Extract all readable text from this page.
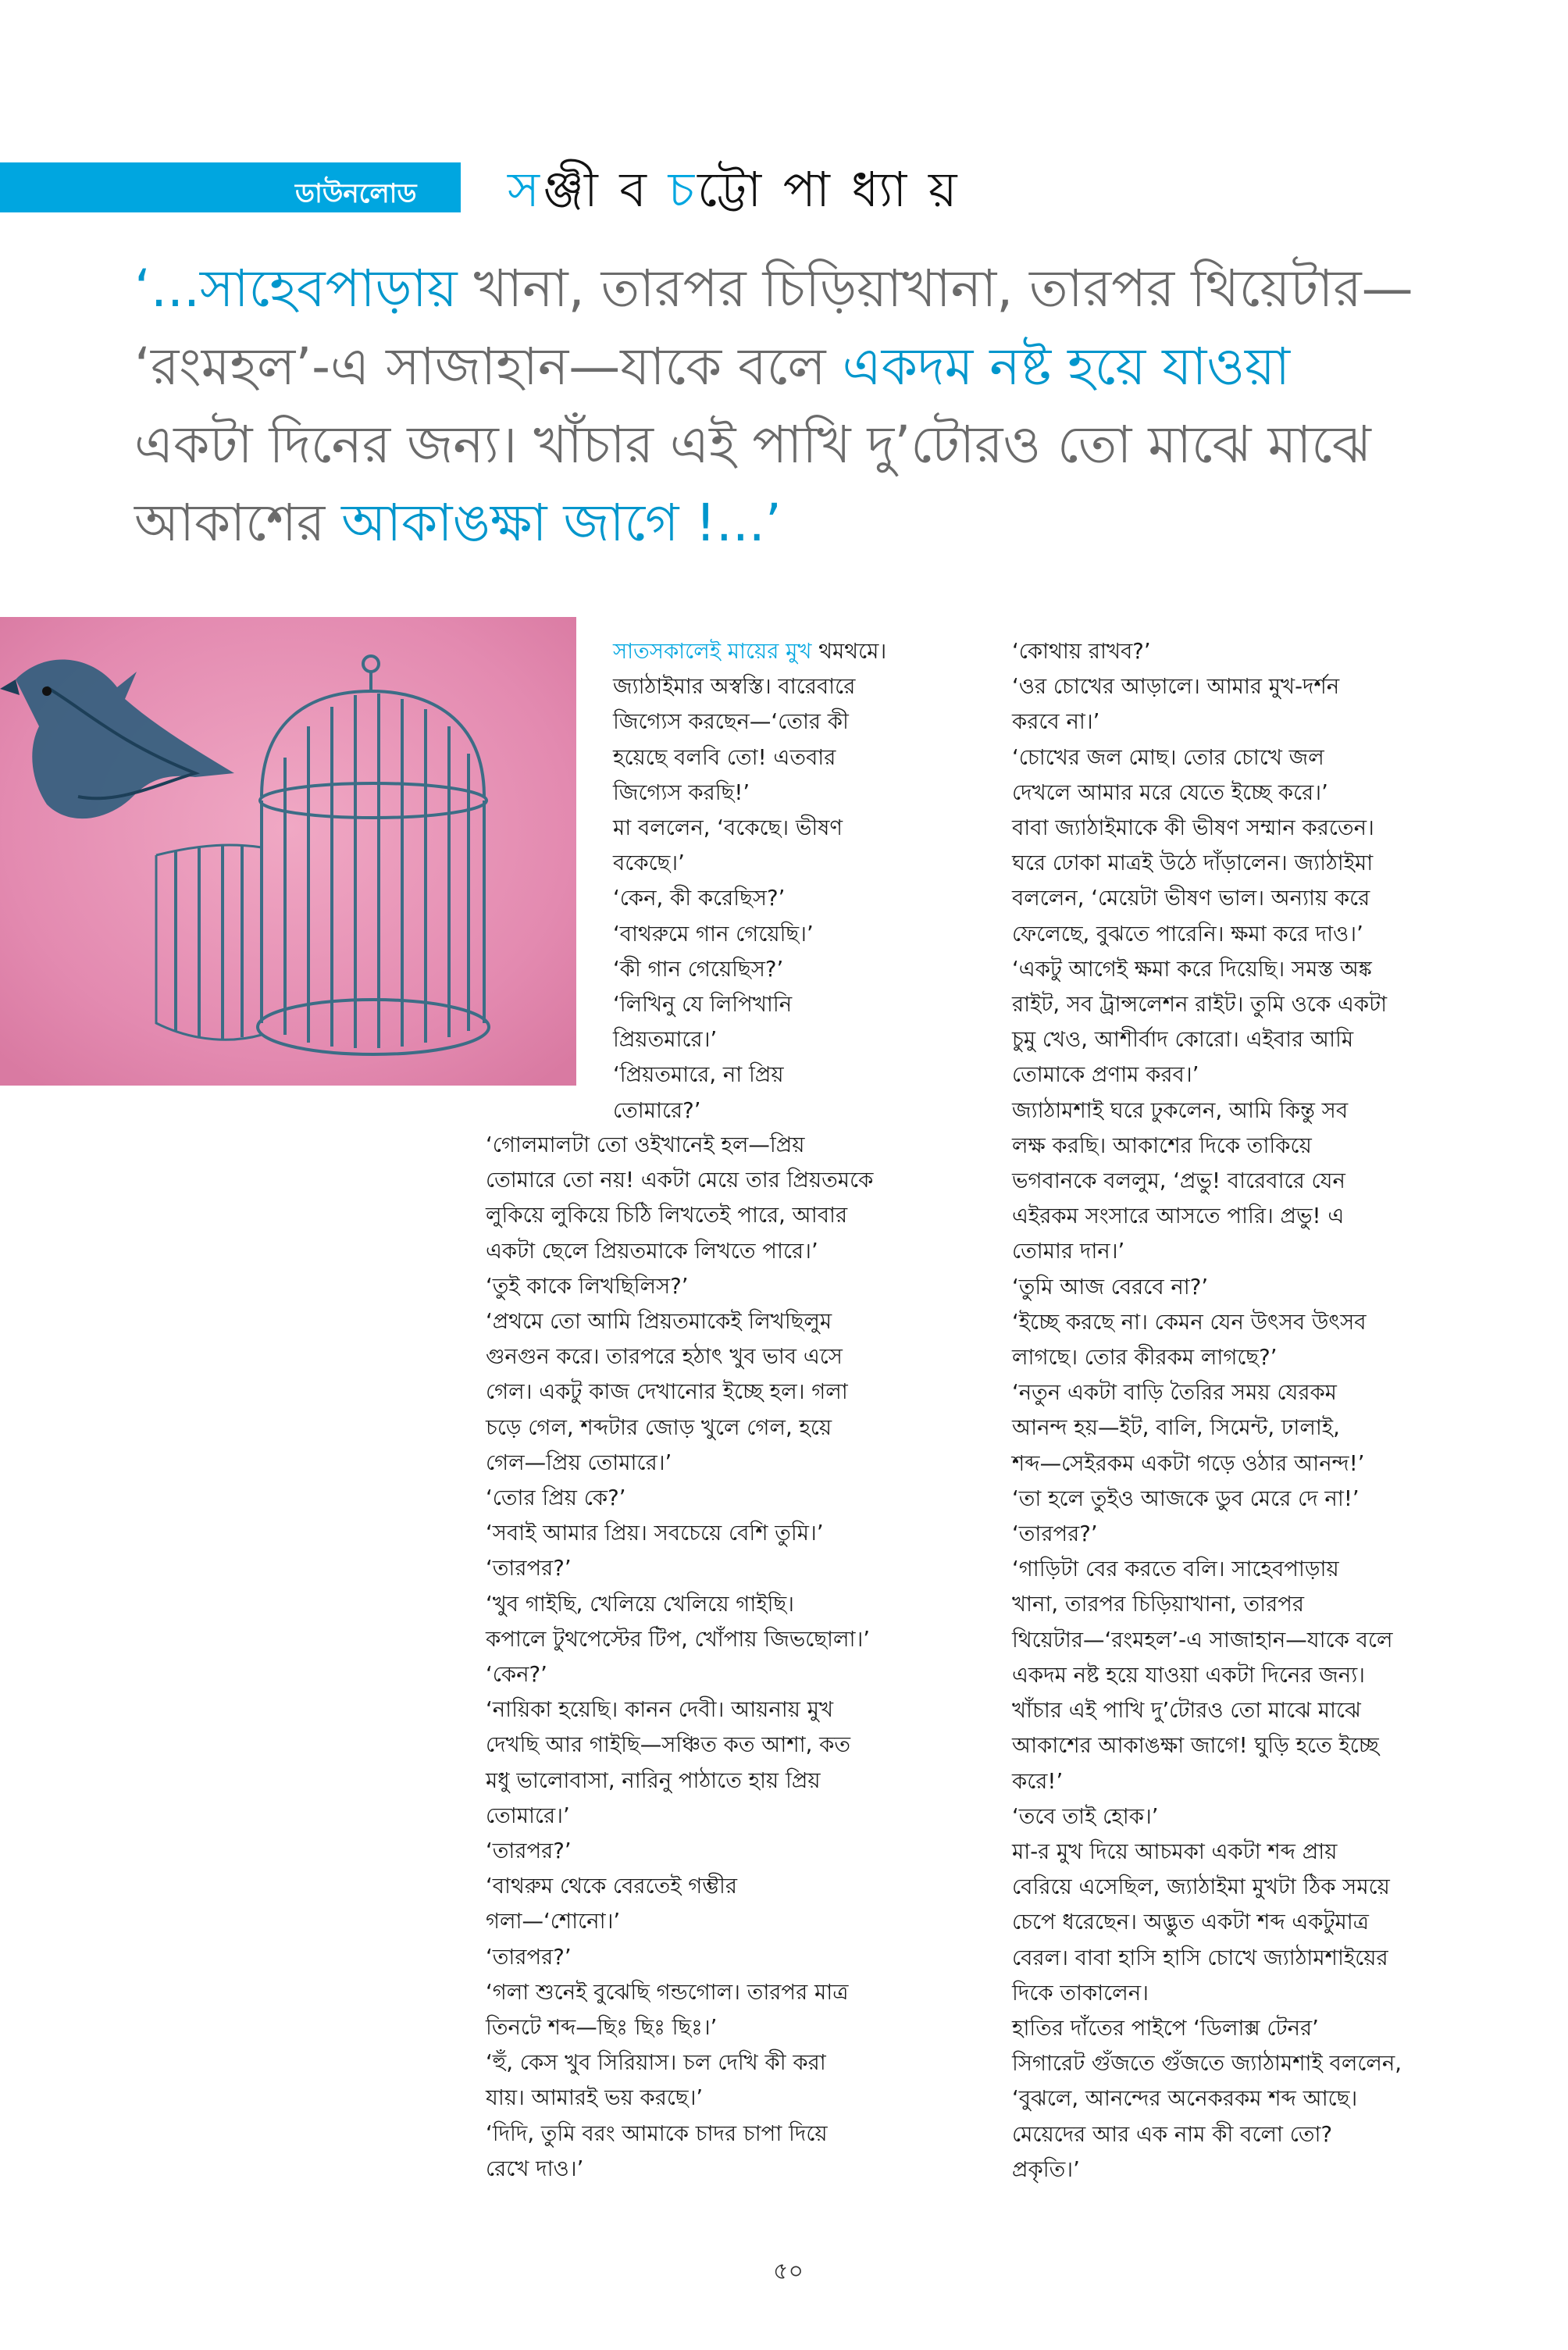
ডাউনলোড সঞ্জী ব চট্টো পা ধ্যা য়

‘...সাহেবপাড়ায় খানা, তারপর চিড়িয়াখানা, তারপর থিয়েটার—

‘রংমহল’-এ সাজাহান—যাকে বলে একদম নষ্ট হয়ে যাওয়া

একটা দিনের জন্য। খাঁচার এই পাখি দু’টোরও তো মাঝে মাঝে

আকাশের আকাঙক্ষা জাগে !...’

সাতসকালেই মায়ের মুখ থমথমে।

জ্যাঠাইমার অস্বস্তি। বারেবারে

জিগ্যেস করছেন—‘তোর কী

হয়েছে বলবি তো! এতবার

জিগ্যেস করছি!’

মা বললেন, ‘বকেছে। ভীষণ

বকেছে।’

‘কেন, কী করেছিস?’

‘বাথরুমে গান গেয়েছি।’

‘কী গান গেয়েছিস?’

‘লিখিনু যে লিপিখানি

প্রিয়তমারে।’

‘প্রিয়তমারে, না প্রিয়

তোমারে?’

‘গোলমালটা তো ওইখানেই হল—প্রিয়

তোমারে তো নয়! একটা মেয়ে তার প্রিয়তমকে

লুকিয়ে লুকিয়ে চিঠি লিখতেই পারে, আবার

একটা ছেলে প্রিয়তমাকে লিখতে পারে।’

‘তুই কাকে লিখছিলিস?’

‘প্রথমে তো আমি প্রিয়তমাকেই লিখছিলুম

গুনগুন করে। তারপরে হঠাৎ খুব ভাব এসে

গেল। একটু কাজ দেখানোর ইচ্ছে হল। গলা

চড়ে গেল, শব্দটার জোড় খুলে গেল, হয়ে

গেল—প্রিয় তোমারে।’

‘তোর প্রিয় কে?’

‘সবাই আমার প্রিয়। সবচেয়ে বেশি তুমি।’

‘তারপর?’

‘খুব গাইছি, খেলিয়ে খেলিয়ে গাইছি।

কপালে টুথপেস্টের টিপ, খোঁপায় জিভছোলা।’

‘কেন?’

‘নায়িকা হয়েছি। কানন দেবী। আয়নায় মুখ

দেখছি আর গাইছি—সঞ্চিত কত আশা, কত

মধু ভালোবাসা, নারিনু পাঠাতে হায় প্রিয়

তোমারে।’

‘তারপর?’

‘বাথরুম থেকে বেরতেই গম্ভীর

গলা—‘শোনো।’

‘তারপর?’

‘গলা শুনেই বুঝেছি গন্ডগোল। তারপর মাত্র

তিনটে শব্দ—ছিঃ ছিঃ ছিঃ।’

‘হুঁ, কেস খুব সিরিয়াস। চল দেখি কী করা

যায়। আমারই ভয় করছে।’

‘দিদি, তুমি বরং আমাকে চাদর চাপা দিয়ে

রেখে দাও।’

‘কোথায় রাখব?’

‘ওর চোখের আড়ালে। আমার মুখ-দর্শন

করবে না।’

‘চোখের জল মোছ। তোর চোখে জল

দেখলে আমার মরে যেতে ইচ্ছে করে।’

বাবা জ্যাঠাইমাকে কী ভীষণ সম্মান করতেন।

ঘরে ঢোকা মাত্রই উঠে দাঁড়ালেন। জ্যাঠাইমা

বললেন, ‘মেয়েটা ভীষণ ভাল। অন্যায় করে

ফেলেছে, বুঝতে পারেনি। ক্ষমা করে দাও।’

‘একটু আগেই ক্ষমা করে দিয়েছি। সমস্ত অঙ্ক

রাইট, সব ট্রান্সলেশন রাইট। তুমি ওকে একটা

চুমু খেও, আশীর্বাদ কোরো। এইবার আমি

তোমাকে প্রণাম করব।’

জ্যাঠামশাই ঘরে ঢুকলেন, আমি কিন্তু সব

লক্ষ করছি। আকাশের দিকে তাকিয়ে

ভগবানকে বললুম, ‘প্রভু! বারেবারে যেন

এইরকম সংসারে আসতে পারি। প্রভু! এ

তোমার দান।’

‘তুমি আজ বেরবে না?’

‘ইচ্ছে করছে না। কেমন যেন উৎসব উৎসব

লাগছে। তোর কীরকম লাগছে?’

‘নতুন একটা বাড়ি তৈরির সময় যেরকম

আনন্দ হয়—ইট, বালি, সিমেন্ট, ঢালাই,

শব্দ—সেইরকম একটা গড়ে ওঠার আনন্দ!’

‘তা হলে তুইও আজকে ডুব মেরে দে না!’

‘তারপর?’

‘গাড়িটা বের করতে বলি। সাহেবপাড়ায়

খানা, তারপর চিড়িয়াখানা, তারপর

থিয়েটার—‘রংমহল’-এ সাজাহান—যাকে বলে

একদম নষ্ট হয়ে যাওয়া একটা দিনের জন্য।

খাঁচার এই পাখি দু’টোরও তো মাঝে মাঝে

আকাশের আকাঙক্ষা জাগে! ঘুড়ি হতে ইচ্ছে

করে!’

‘তবে তাই হোক।’

মা-র মুখ দিয়ে আচমকা একটা শব্দ প্রায়

বেরিয়ে এসেছিল, জ্যাঠাইমা মুখটা ঠিক সময়ে

চেপে ধরেছেন। অদ্ভুত একটা শব্দ একটুমাত্র

বেরল। বাবা হাসি হাসি চোখে জ্যাঠামশাইয়ের

দিকে তাকালেন।

হাতির দাঁতের পাইপে ‘ডিলাক্স টেনর’

সিগারেট গুঁজতে গুঁজতে জ্যাঠামশাই বললেন,

‘বুঝলে, আনন্দের অনেকরকম শব্দ আছে।

মেয়েদের আর এক নাম কী বলো তো?

প্রকৃতি।’

৫০
